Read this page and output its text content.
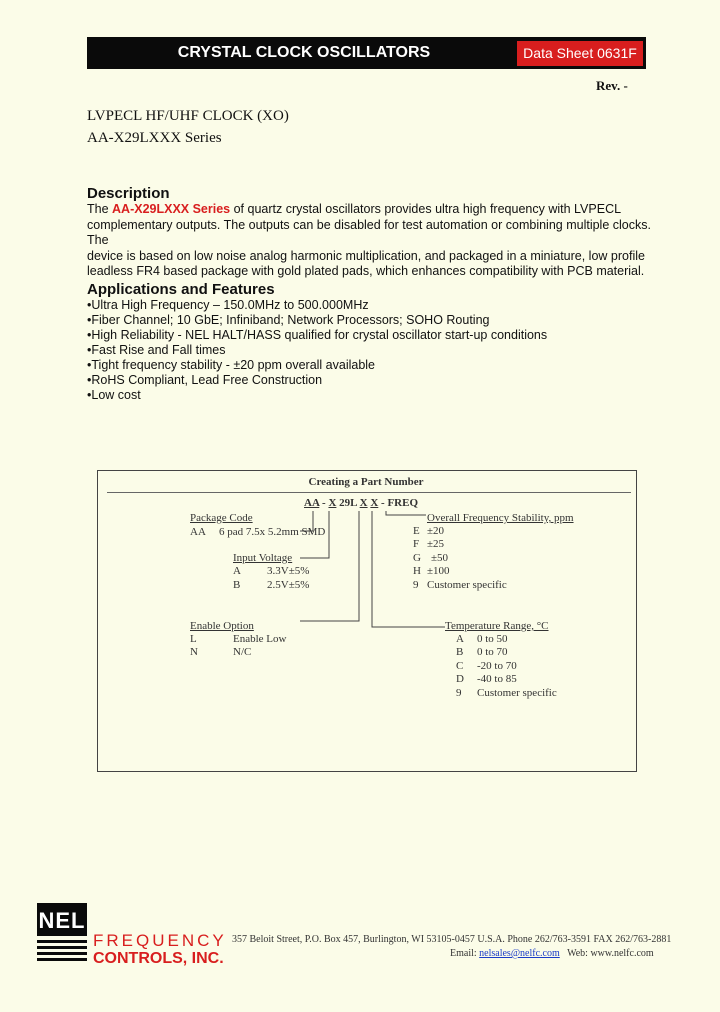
CRYSTAL CLOCK OSCILLATORS	Data Sheet 0631F
Rev. -
LVPECL HF/UHF CLOCK (XO)
AA-X29LXXX Series
Description
The AA-X29LXXX Series of quartz crystal oscillators provides ultra high frequency with LVPECL
complementary outputs. The outputs can be disabled for test automation or combining multiple clocks. The
device is based on low noise analog harmonic multiplication, and packaged in a miniature, low profile
leadless FR4 based package with gold plated pads, which enhances compatibility with PCB material.
Applications and Features
• Ultra High Frequency – 150.0MHz to 500.000MHz
• Fiber Channel; 10 GbE; Infiniband; Network Processors; SOHO Routing
• High Reliability - NEL HALT/HASS qualified for crystal oscillator start-up conditions
• Fast Rise and Fall times
• Tight frequency stability - ±20 ppm overall available
• RoHS Compliant, Lead Free Construction
• Low cost
Creating a Part Number
AA - X 29L X X - FREQ
Package Code
AA 6 pad 7.5x 5.2mm SMD
Input Voltage
A 3.3V±5%
B 2.5V±5%
Enable Option
L	Enable Low
N	N/C
Overall Frequency Stability, ppm
E ±20
F ±25
G ±50
H ±100
9 Customer specific
Temperature Range, °C
A 0 to 50
B 0 to 70
C -20 to 70
D -40 to 85
9 Customer specific
NEL
FREQUENCY
CONTROLS, INC.
357 Beloit Street, P.O. Box 457, Burlington, WI 53105-0457 U.S.A. Phone 262/763-3591 FAX 262/763-2881
Email: nelsales@nelfc.com   Web: www.nelfc.com
